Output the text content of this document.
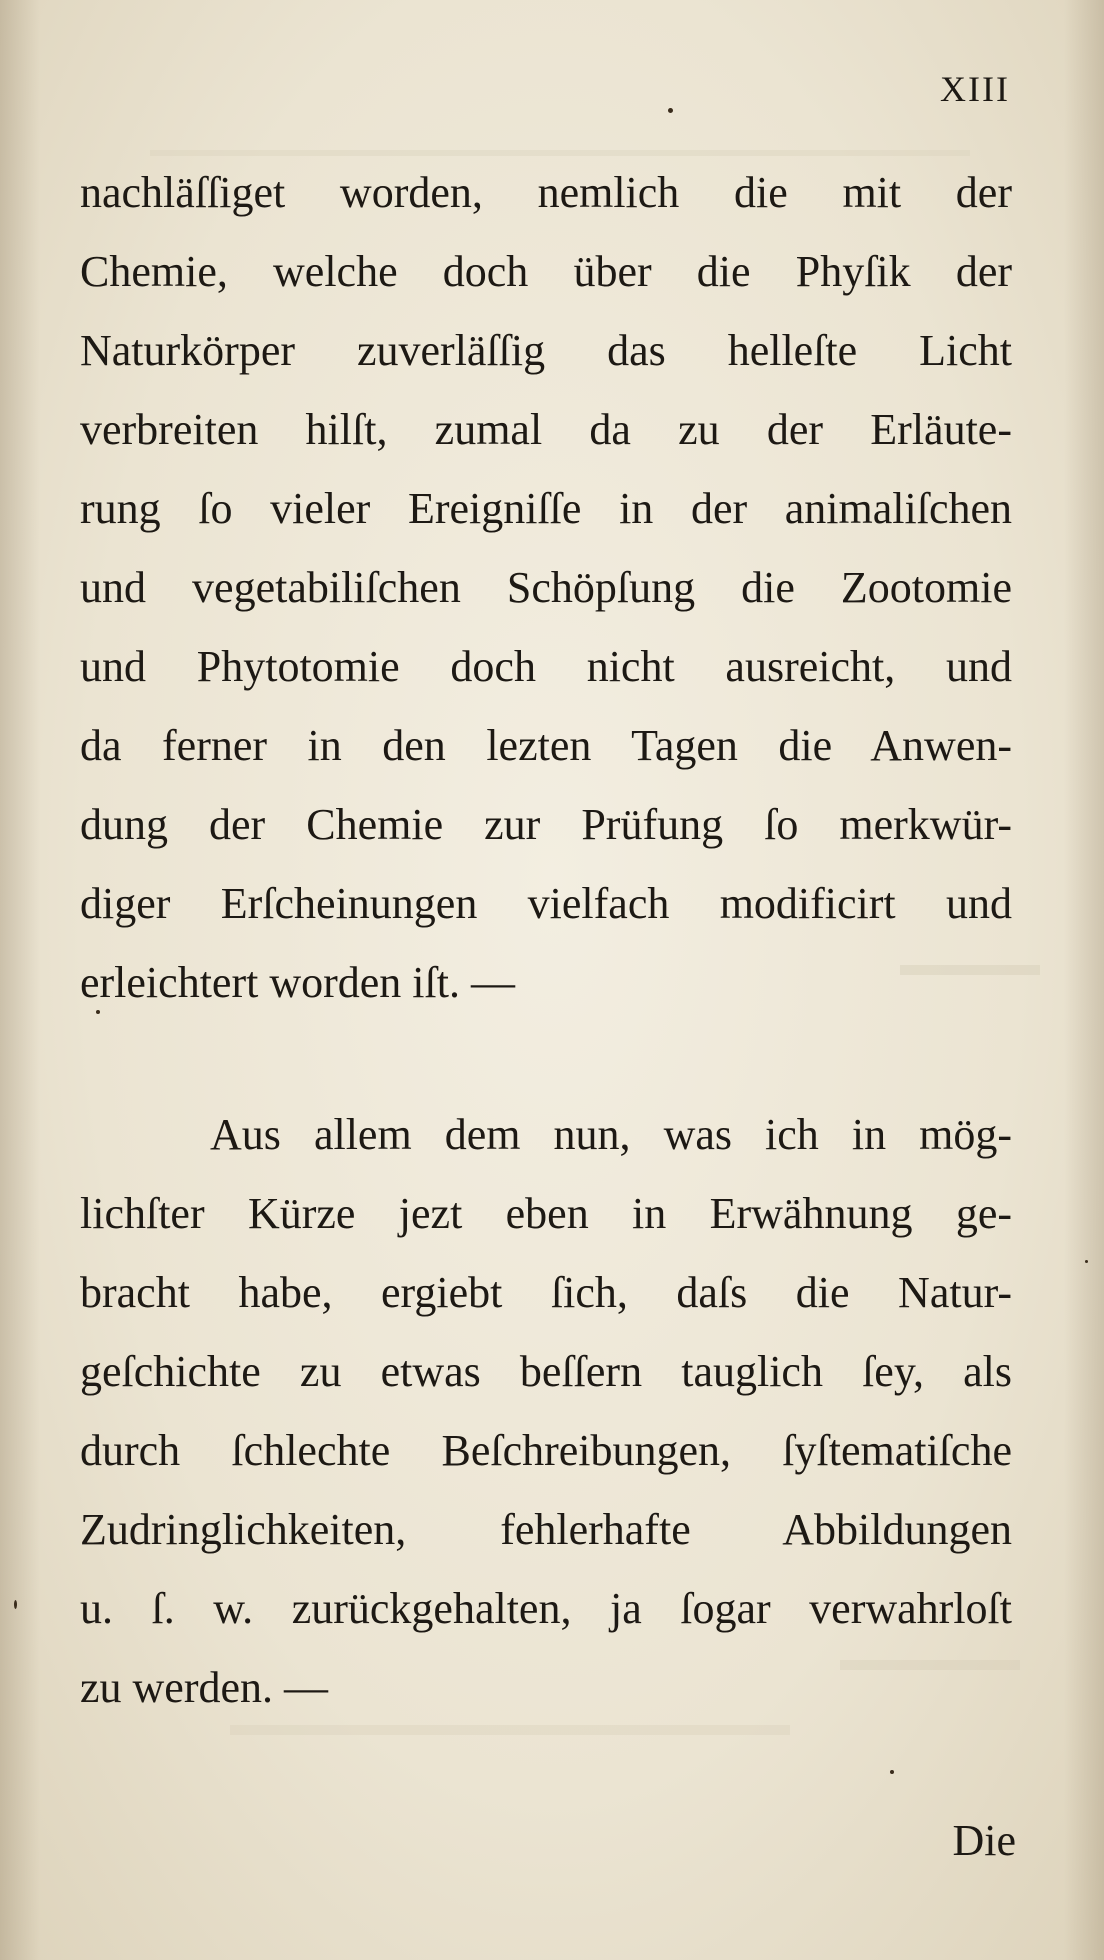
XIII
nachläſſiget worden, nemlich die mit der
Chemie, welche doch über die Phyſik der
Naturkörper zuverläſſig das helleſte Licht
verbreiten hilſt, zumal da zu der Erläute-
rung ſo vieler Ereigniſſe in der animaliſchen
und vegetabiliſchen Schöpſung die Zootomie
und Phytotomie doch nicht ausreicht, und
da ferner in den lezten Tagen die Anwen-
dung der Chemie zur Prüfung ſo merkwür-
diger Erſcheinungen vielfach modificirt und
erleichtert worden iſt. —
Aus allem dem nun, was ich in mög-
lichſter Kürze jezt eben in Erwähnung ge-
bracht habe, ergiebt ſich, daſs die Natur-
geſchichte zu etwas beſſern tauglich ſey, als
durch ſchlechte Beſchreibungen, ſyſtematiſche
Zudringlichkeiten, fehlerhafte Abbildungen
u. ſ. w. zurückgehalten, ja ſogar verwahrloſt
zu werden. —
Die
